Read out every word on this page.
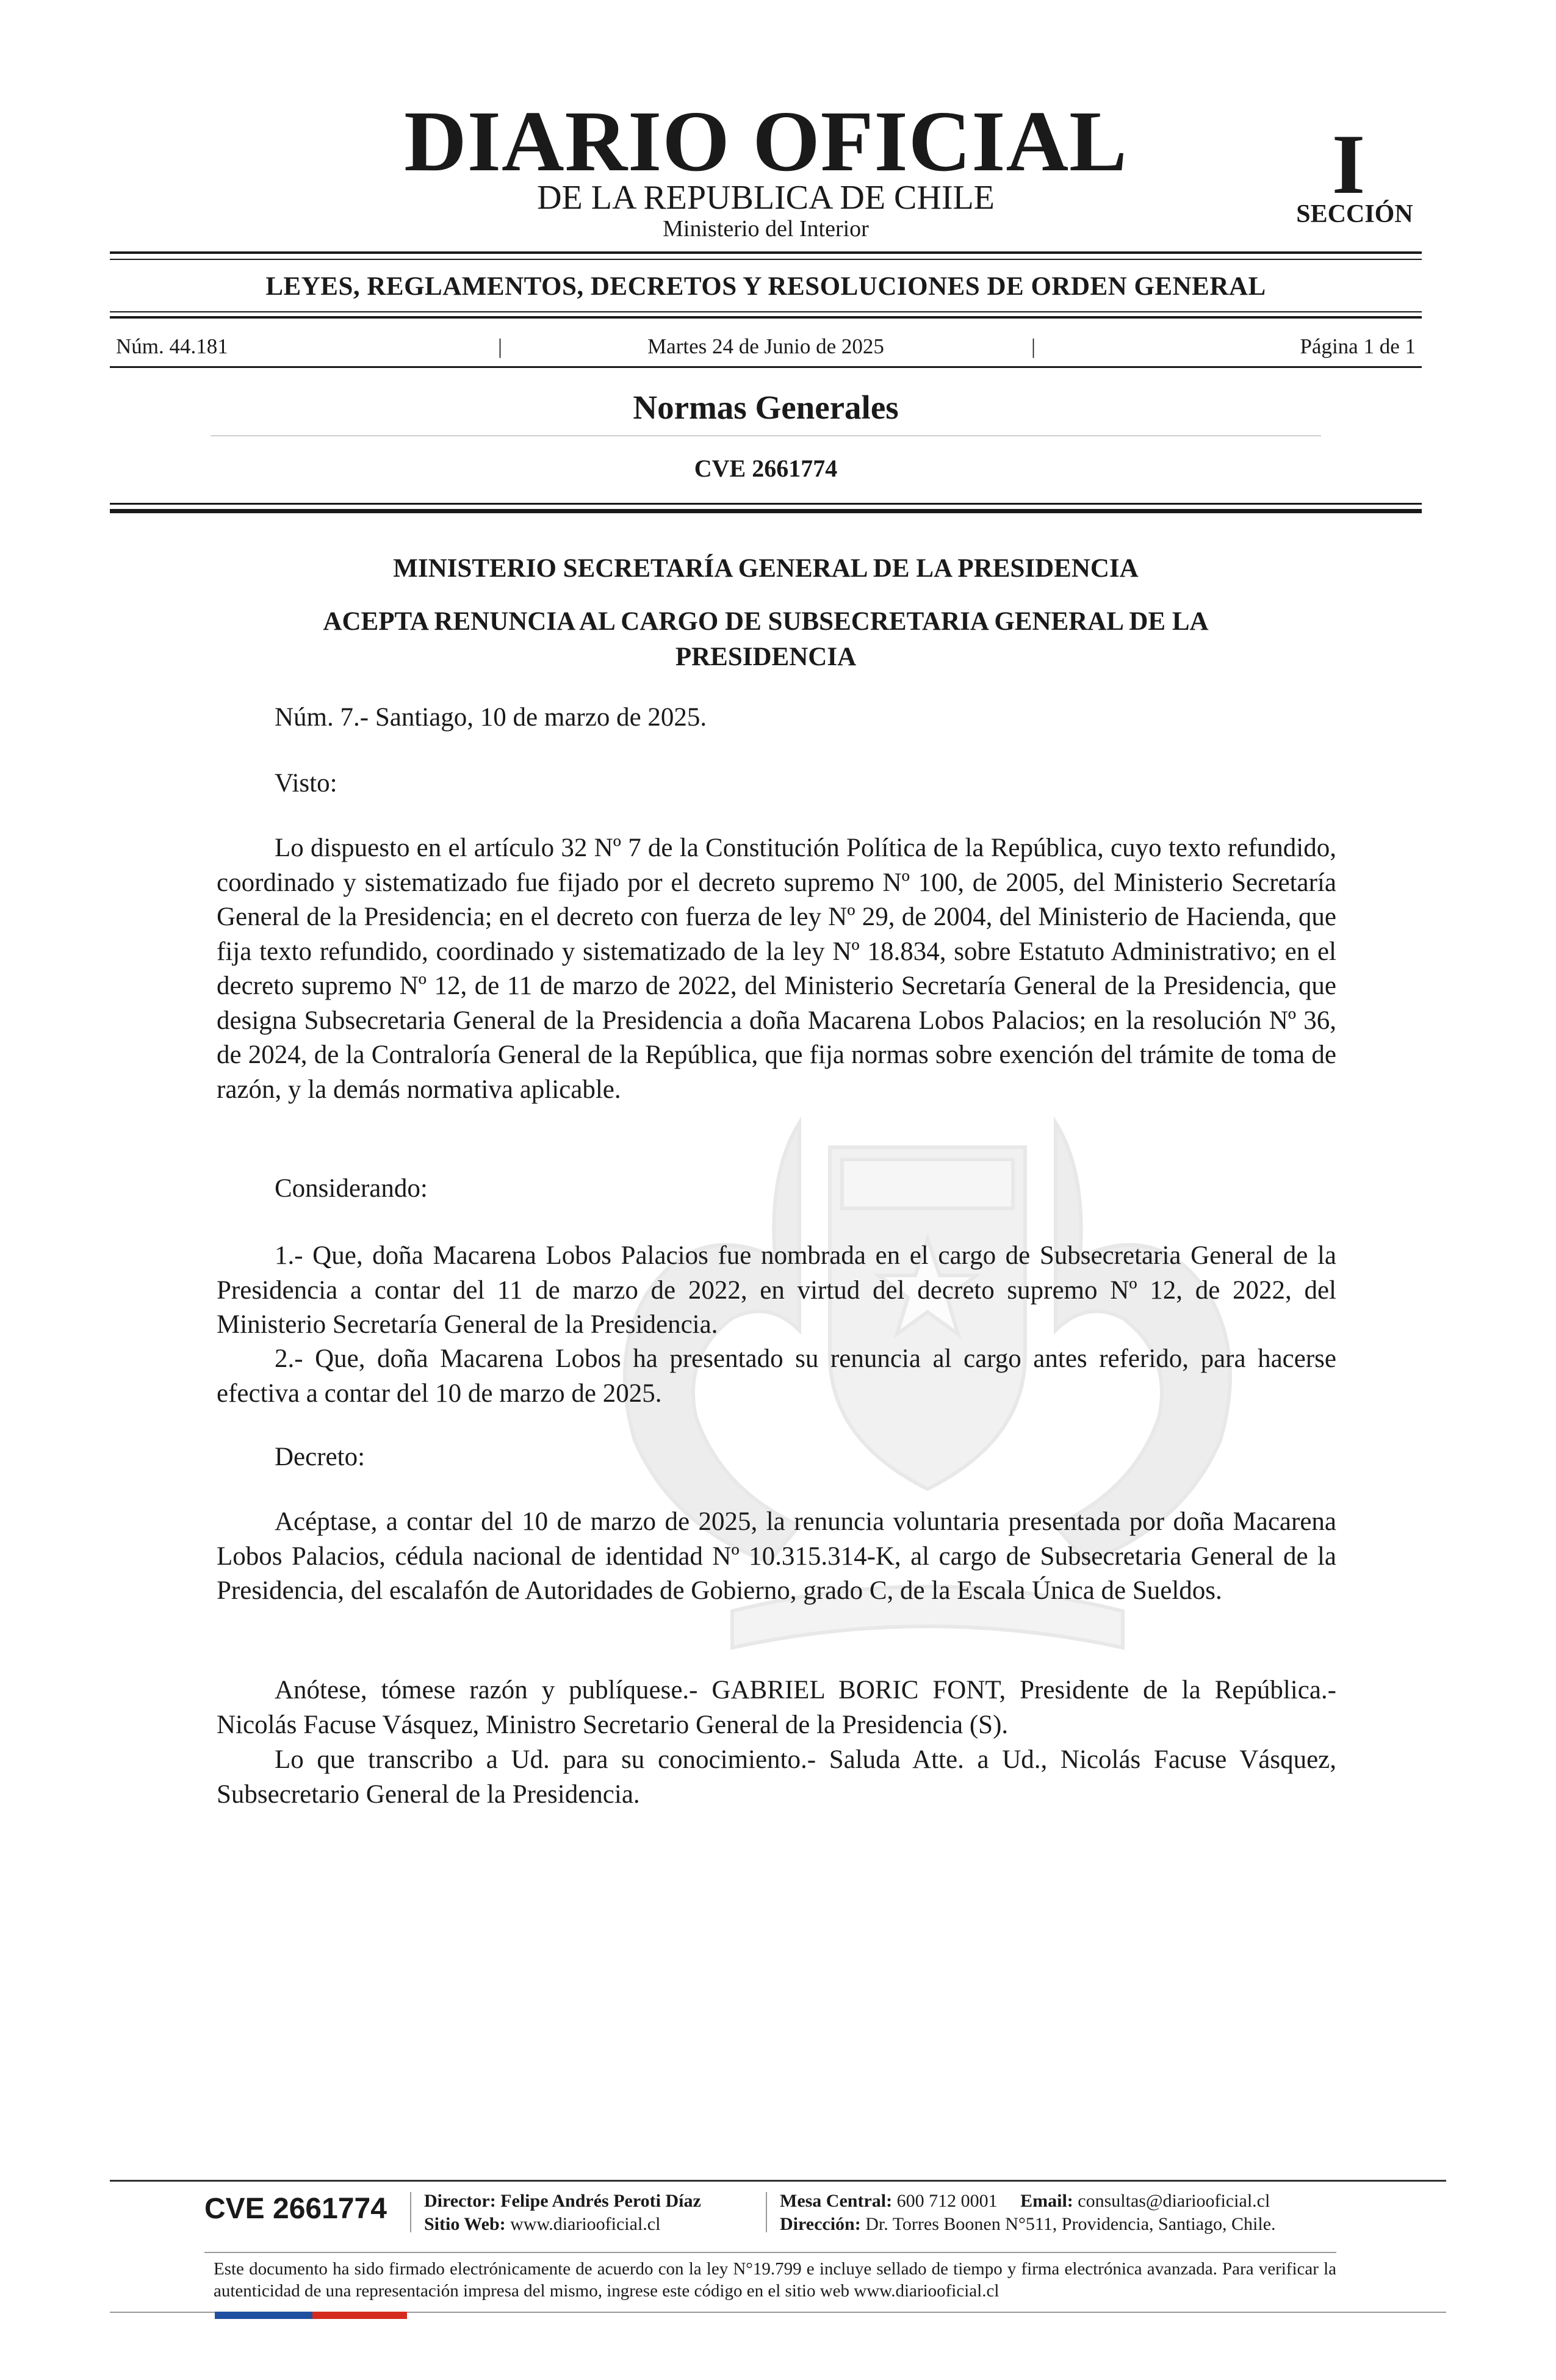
DIARIO OFICIAL
DE LA REPUBLICA DE CHILE
Ministerio del Interior
I
SECCIÓN
LEYES, REGLAMENTOS, DECRETOS Y RESOLUCIONES DE ORDEN GENERAL
Núm. 44.181	|	Martes 24 de Junio de 2025	|	Página 1 de 1
Normas Generales
CVE 2661774
MINISTERIO SECRETARÍA GENERAL DE LA PRESIDENCIA
ACEPTA RENUNCIA AL CARGO DE SUBSECRETARIA GENERAL DE LA PRESIDENCIA
Núm. 7.- Santiago, 10 de marzo de 2025.
Visto:
Lo dispuesto en el artículo 32 Nº 7 de la Constitución Política de la República, cuyo texto refundido, coordinado y sistematizado fue fijado por el decreto supremo Nº 100, de 2005, del Ministerio Secretaría General de la Presidencia; en el decreto con fuerza de ley Nº 29, de 2004, del Ministerio de Hacienda, que fija texto refundido, coordinado y sistematizado de la ley Nº 18.834, sobre Estatuto Administrativo; en el decreto supremo Nº 12, de 11 de marzo de 2022, del Ministerio Secretaría General de la Presidencia, que designa Subsecretaria General de la Presidencia a doña Macarena Lobos Palacios; en la resolución Nº 36, de 2024, de la Contraloría General de la República, que fija normas sobre exención del trámite de toma de razón, y la demás normativa aplicable.
Considerando:
1.- Que, doña Macarena Lobos Palacios fue nombrada en el cargo de Subsecretaria General de la Presidencia a contar del 11 de marzo de 2022, en virtud del decreto supremo Nº 12, de 2022, del Ministerio Secretaría General de la Presidencia.
2.- Que, doña Macarena Lobos ha presentado su renuncia al cargo antes referido, para hacerse efectiva a contar del 10 de marzo de 2025.
Decreto:
Acéptase, a contar del 10 de marzo de 2025, la renuncia voluntaria presentada por doña Macarena Lobos Palacios, cédula nacional de identidad Nº 10.315.314-K, al cargo de Subsecretaria General de la Presidencia, del escalafón de Autoridades de Gobierno, grado C, de la Escala Única de Sueldos.
Anótese, tómese razón y publíquese.- GABRIEL BORIC FONT, Presidente de la República.- Nicolás Facuse Vásquez, Ministro Secretario General de la Presidencia (S).
Lo que transcribo a Ud. para su conocimiento.- Saluda Atte. a Ud., Nicolás Facuse Vásquez, Subsecretario General de la Presidencia.
CVE 2661774 Director: Felipe Andrés Peroti Díaz
Sitio Web: www.diariooficial.cl
Mesa Central: 600 712 0001 Email: consultas@diariooficial.cl
Dirección: Dr. Torres Boonen N°511, Providencia, Santiago, Chile.
Este documento ha sido firmado electrónicamente de acuerdo con la ley N°19.799 e incluye sellado de tiempo y firma electrónica avanzada. Para verificar la autenticidad de una representación impresa del mismo, ingrese este código en el sitio web www.diariooficial.cl
